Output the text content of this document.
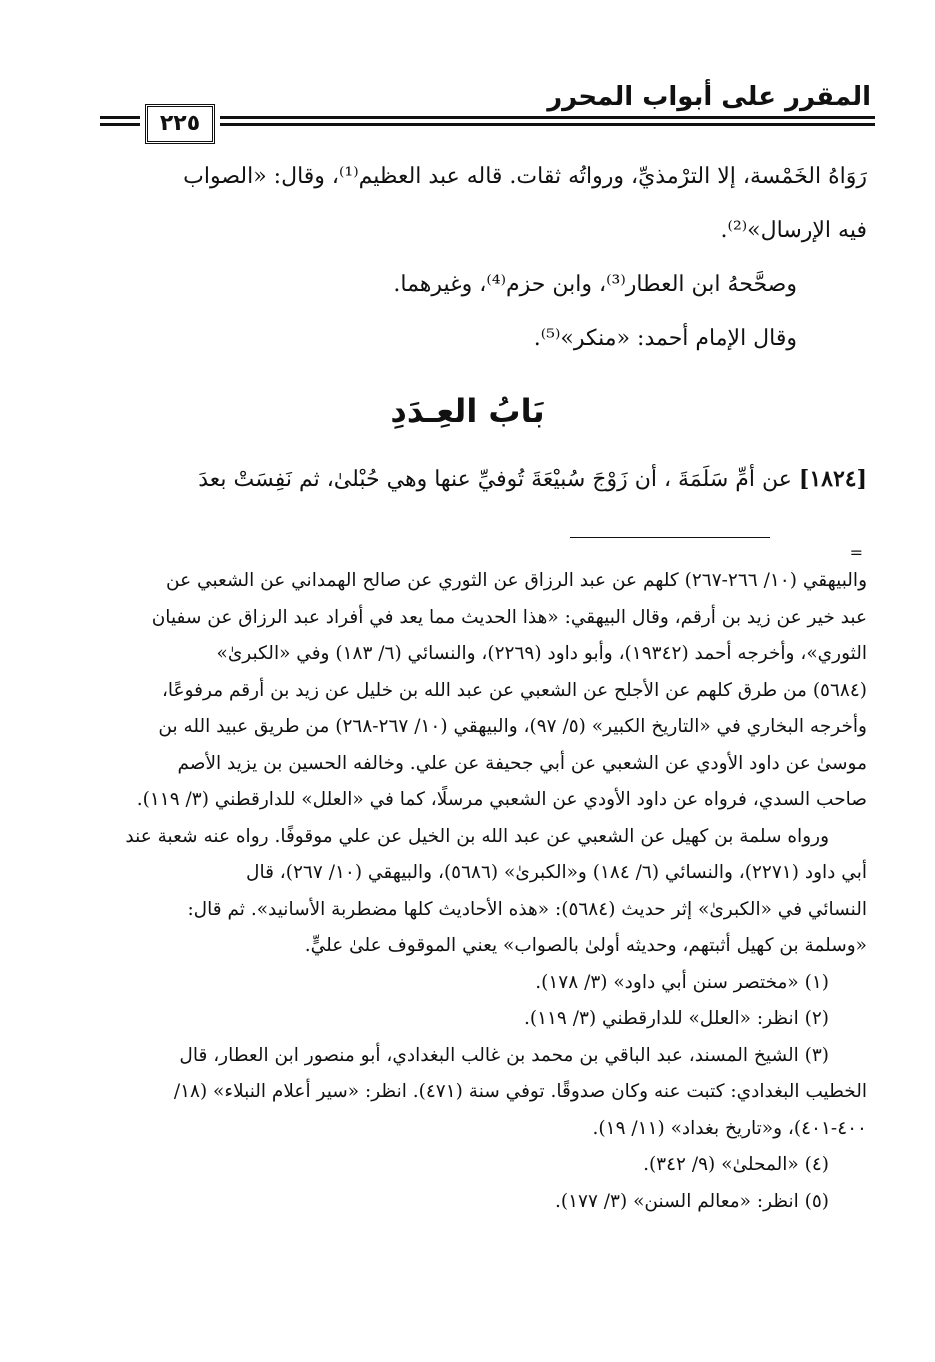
المقرر على أبواب المحرر
٢٢٥

رَوَاهُ الخَمْسة، إلا الترْمذيِّ، ورواتُه ثقات. قاله عبد العظيم⁽¹⁾، وقال: «الصواب

فيه الإرسال»⁽²⁾.

وصحَّحهُ ابن العطار⁽³⁾، وابن حزم⁽⁴⁾، وغيرهما.

وقال الإمام أحمد: «منكر»⁽⁵⁾.

بَابُ العِـدَدِ
[١٨٢٤] عن أمِّ سَلَمَةَ ، أن زَوْجَ سُبيْعَةَ تُوفيِّ عنها وهي حُبْلىٰ، ثم نَفِسَتْ بعدَ
=

والبيهقي (١٠/ ٢٦٦-٢٦٧) كلهم عن عبد الرزاق عن الثوري عن صالح الهمداني عن الشعبي عن

عبد خير عن زيد بن أرقم، وقال البيهقي: «هذا الحديث مما يعد في أفراد عبد الرزاق عن سفيان

الثوري»، وأخرجه أحمد (١٩٣٤٢)، وأبو داود (٢٢٦٩)، والنسائي (٦/ ١٨٣) وفي «الكبرىٰ»

(٥٦٨٤) من طرق كلهم عن الأجلح عن الشعبي عن عبد الله بن خليل عن زيد بن أرقم مرفوعًا،

وأخرجه البخاري في «التاريخ الكبير» (٥/ ٩٧)، والبيهقي (١٠/ ٢٦٧-٢٦٨) من طريق عبيد الله بن

موسىٰ عن داود الأودي عن الشعبي عن أبي جحيفة عن علي. وخالفه الحسين بن يزيد الأصم

صاحب السدي، فرواه عن داود الأودي عن الشعبي مرسلًا، كما في «العلل» للدارقطني (٣/ ١١٩).

ورواه سلمة بن كهيل عن الشعبي عن عبد الله بن الخيل عن علي موقوفًا. رواه عنه شعبة عند

أبي داود (٢٢٧١)، والنسائي (٦/ ١٨٤) و«الكبرىٰ» (٥٦٨٦)، والبيهقي (١٠/ ٢٦٧)، قال

النسائي في «الكبرىٰ» إثر حديث (٥٦٨٤): «هذه الأحاديث كلها مضطربة الأسانيد». ثم قال:

«وسلمة بن كهيل أثبتهم، وحديثه أولىٰ بالصواب» يعني الموقوف علىٰ عليٍّ.

(١) «مختصر سنن أبي داود» (٣/ ١٧٨).

(٢) انظر: «العلل» للدارقطني (٣/ ١١٩).

(٣) الشيخ المسند، عبد الباقي بن محمد بن غالب البغدادي، أبو منصور ابن العطار، قال

الخطيب البغدادي: كتبت عنه وكان صدوقًا. توفي سنة (٤٧١). انظر: «سير أعلام النبلاء» (١٨/

٤٠٠-٤٠١)، و«تاريخ بغداد» (١١/ ١٩).

(٤) «المحلىٰ» (٩/ ٣٤٢).

(٥) انظر: «معالم السنن» (٣/ ١٧٧).
